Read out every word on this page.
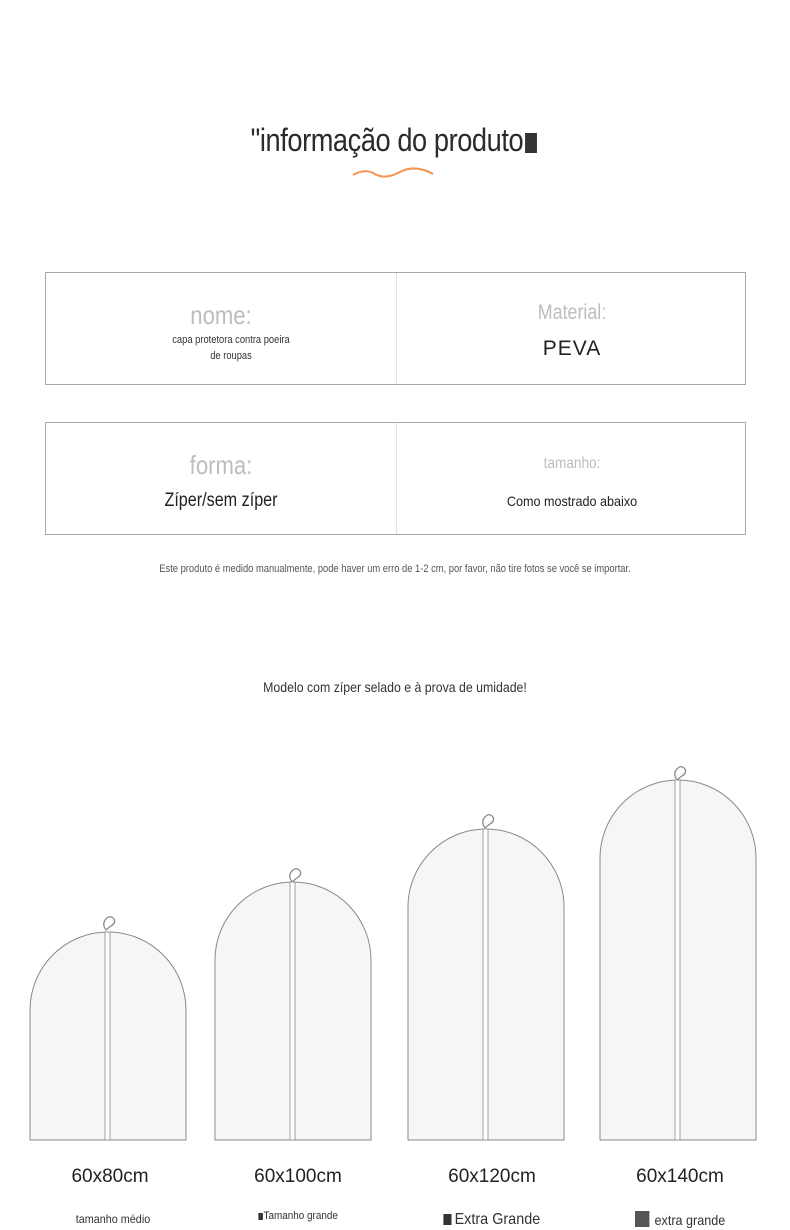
"informação do produto
nome:
capa protetora contra poeira de roupas
Material:
PEVA
forma:
Zíper/sem zíper
tamanho:
Como mostrado abaixo
Este produto é medido manualmente, pode haver um erro de 1-2 cm, por favor, não tire fotos se você se importar.
Modelo com zíper selado e à prova de umidade!
60x80cm	60x100cm	60x120cm	60x140cm
tamanho médio	Tamanho grande	Extra Grande	extra grande
